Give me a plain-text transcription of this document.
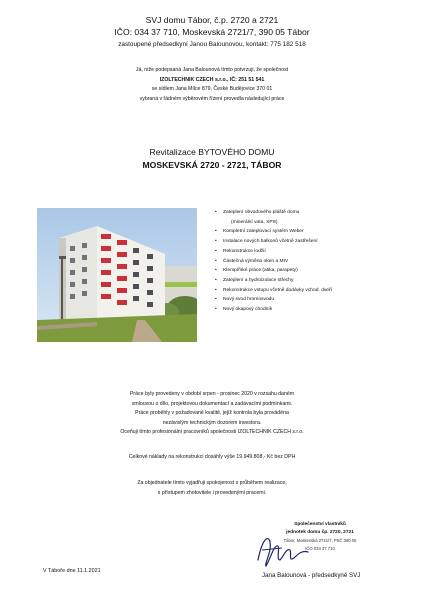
SVJ domu Tábor, č.p. 2720 a 2721
IČO: 034 37 710, Moskevská 2721/7, 390 05 Tábor
zastoupené předsedkyní Janou Balounovou, kontakt: 775 182 518
Já, níže podepsaná Jana Balounová tímto potvrzuji, že společnost
IZOLTECHNIK CZECH s.r.o., IČ: 251 51 541
se sídlem Jana Mílce 879, České Budějovice 370 01
vybraná v řádném výběrovém řízení provedla následující práce
Revitalizace BYTOVÉHO DOMU
MOSKEVSKÁ 2720 - 2721, TÁBOR
• Zateplení obvodového pláště domu
(minerální vata, XPS)
• Kompletní zateplovací systém Weber
• Instalace nových balkonů včetně zastřešení
• Rekonstrukce lodžií
• Částečná výměna oken a MIV
• Klempířské práce (atika, parapety)
• Zateplení a hydroizolace střechy
• Rekonstrukce vstupu včetně dodávky vchod. dveří
• Nový svod hromosvodu
• Nový okapový chodník
Práce byly provedeny v období srpen - prosinec 2020 v rozsahu daném
smlouvou o dílo, projektovou dokumentací a zadávacími podmínkami.
Práce proběhly v požadované kvalitě, jejíž kontrola byla prováděna
nezávislým technickým dozorem investora.
Oceňuji tímto profesionální pracovníků společnosti IZOLTECHNIK CZECH s.r.o.
Celkové náklady na rekonstrukci dosáhly výše 19.949.808,- Kč bez DPH
Za objednatele tímto vyjadřuji spokojenost s průběhem realizace,
s přístupem zhotovitele i provedenými pracemi.
Společenství vlastníků
jednotek domu čp. 2720, 2721
Tábor, Moskevská 2721/7, PSČ 390 05
IČO 034 37 710
V Táboře dne 11.1.2021
Jana Balounová - předsedkyně SVJ
